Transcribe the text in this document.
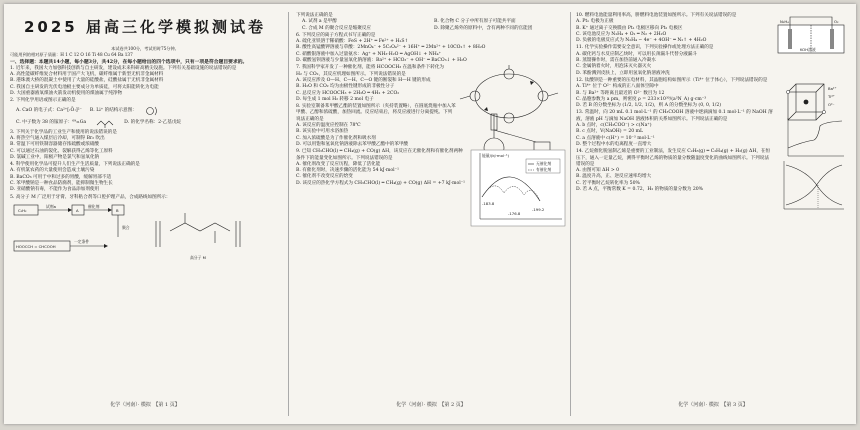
2025 届高三化学模拟测试卷
本试卷共100分，考试用时75分钟。
可能用到的相对原子质量：H 1 C 12 O 16 Ti 48 Cu 64 Ba 137
一、选择题：本题共14小题，每小题3分，共42分，在每小题给出的四个选项中，只有一项是符合题目要求的。

1. 近年来，我国大力加强科技创新与自主研发，建设成未来科研高精尖设施。下列有关基础设施的说法错误的是

A. 高性能碳纤维复合材料用于国产大飞机，碳纤维属于新型无机非金属材料

B. 港珠澳大桥的混凝土中使用了大量的硅酸盐，硅酸盐属于无机非金属材料

C. 我国自主研发的光伏电池板主要成分为单质硅，可将太阳能转化为电能

D. 大国重器液氧煤油火箭发动机使用的煤油属于纯净物

2. 下列化学用语或图示正确的是

A. CaO 的电子式：Ca²⁺[:Ö:]²⁻ B. Li⁺ 的结构示意图：
C. 中子数为 38 的镓原子：⁶⁹₃₁Ga	D. 的化学名称：2-乙基戊烷

3. 下列关于化学品的工业生产和使用的说法错误的是

A. 将热空气通入煤层后冷却，可制得 Br₂ 吹出

B. 常温下可用铁制容器储存浓硫酸或浓硝酸

C. 可以通过石油的裂化、裂解获得乙烯等化工原料

D. 氯碱工业中，阳极产物是氯气和氢氧化钠

4. 科学使用化学品可提升人们生产生活质量，下列说法正确的是

A. 有机氯农药的大量使用会造成土壤污染

B. BaCO₃ 可用于中和过多的胃酸，缓解胃部不适

C. 苯甲酸钠是一种食品防腐剂，能抑制微生物生长

D. 亚硝酸钠有毒，不能作为食品添加剂使用

5. 高分子 M 广泛用于牙膏、牙科粘合剂等口腔护理产品，合成路线如图所示：

C₂H₂
试剂a
A
催化剂
B
HOOCCH = CHCOOH
一定条件
聚合
高分子 M
化学（河南）· 模拟　【第 1 页】

下列说法正确的是

A. 试剂 a 是甲醇	B. 化合物 C 分子中所有原子可能共平面
C. 合成 M 的聚合反应是缩聚反应	D. 除聚乙烯外的原料中，含有两种不同的官能团

6. 下列反应的离子方程式书写正确的是

A. 硫化亚铁溶于稀硝酸：FeS + 2H⁺ ═ Fe²⁺ + H₂S↑

B. 酸性高锰酸钾溶液与草酸：2MnO₄⁻ + 5C₂O₄²⁻ + 16H⁺ ═ 2Mn²⁺ + 10CO₂↑ + 8H₂O

C. 硝酸银溶液中加入过量氨水：Ag⁺ + NH₃·H₂O ═ AgOH↓ + NH₄⁺

D. 碳酸氢钡溶液与少量氢氧化钠溶液：Ba²⁺ + HCO₃⁻ + OH⁻ ═ BaCO₃↓ + H₂O

7. 我国科学家开发了一种催化剂，能将 HCOOCH₃ 在温和条件下转化为 H₂ 与 CO₂，其反应机理如图所示。下列说法错误的是

A. 该反应涉及 O—H、C—H、C—O 键的断裂和 H—H 键的形成

B. H₂O 和 CO₂ 均为由极性键形成的非极性分子

C. 总反应为 HCOOCH₃ + 2H₂O ═ 4H₂ + 2CO₂

D. 每生成 1 mol H₂ 转移 2 mol 电子

8. 实验室制备苯甲酸乙酯的装置如图所示（夹持装置略），在圆底烧瓶中加入苯甲酸、乙醇和浓硫酸，加热回流。反应结束后，将反应液进行分离提纯。下列说法正确的是

A. 该反应的温度应控制在 78℃

B. 该实验中可用水浴加热

C. 加入浓硫酸是为了作催化剂和吸水剂

D. 可以用饱和氢氧化钠溶液除去苯甲酸乙酯中的苯甲酸

9. 已知 CH₃CHO(l) ═ CH₄(g) + CO(g) ΔH，该反应在无催化剂和有催化剂两种条件下的能量变化如图所示。下列说法错误的是

A. 催化剂改变了反应历程，降低了活化能

B. 有催化剂时，决速步骤的活化能为 54 kJ·mol⁻¹

C. 催化剂不改变反应的焓变

D. 该反应的热化学方程式为 CH₃CHO(l) ═ CH₄(g) + CO(g) ΔH = +7 kJ·mol⁻¹

能量/(kJ·mol⁻¹)
无催化剂
有催化剂
-183.8
-199.2
-176.8
化学（河南）· 模拟　【第 2 页】

10. 燃料电池能量利用率高，肼燃料电池装置如图所示。下列有关说法错误的是

A. Pt₁ 电极为正极

B. K⁺ 通过离子交换膜由 Pt₁ 电极区移向 Pt₂ 电极区

C. 该电池反应为 N₂H₄ + O₂ ═ N₂ + 2H₂O

D. 负极的电极反应式为 N₂H₄ − 4e⁻ + 4OH⁻ ═ N₂↑ + 4H₂O

N₂H₄	O₂
KOH溶液

11. 化学实验操作需要安全意识，下列实验操作或处理方法正确的是

A. 碳化钙与水反应制乙炔时，可以用长颈漏斗代替分液漏斗

B. 蒸馏操作时，需在加热前通入冷凝水

C. 金属钠着火时，用泡沫灭火器灭火

D. 苯酚溅到皮肤上，立即用氢氧化钠溶液冲洗

12. 钛酸钡是一种重要的压电材料，其晶胞结构如图所示（Ti⁴⁺ 位于体心），下列说法错误的是

A. Ti⁴⁺ 位于 O²⁻ 构成的正八面体空隙中

B. 与 Ba²⁺ 等距离且最近的 O²⁻ 数目为 12

C. 晶胞参数为 a pm，则密度 ρ = 233×10³⁰/(a³N_A) g·cm⁻³

D. 若 B 的分数坐标为 (1/2, 1/2, 1/2)，则 A 的分数坐标为 (0, 0, 1/2)

Ba²⁺
Ti⁴⁺
O²⁻

13. 常温时，向 20 mL 0.1 mol·L⁻¹ 的 CH₃COOH 溶液中逐滴滴加 0.1 mol·L⁻¹ 的 NaOH 溶液，溶液 pH 与滴加 NaOH 溶液体积的关系如图所示。下列说法正确的是

A. b 点时，c(CH₃COO⁻) > c(Na⁺)

B. c 点时，V(NaOH) = 20 mL

C. a 点溶液中 c(H⁺) = 10⁻³ mol·L⁻¹

D. 整个过程中水的电离程度一直增大

14. 乙烷催化脱氢制乙烯是重要的工业制法，发生反应 C₂H₆(g) ═ C₂H₄(g) + H₂(g) ΔH，在恒压下，通入一定量乙烷，测得平衡时乙烯的物质的量分数随温度变化的曲线如图所示。下列说法错误的是

A. 由图可知 ΔH > 0

B. 温度升高，正、逆反应速率均增大

C. 若平衡时乙烷转化率为 50%

D. 若 A 点，平衡常数 K = 0.72，H₂ 的物质的量分数为 20%

化学（河南）· 模拟　【第 3 页】
